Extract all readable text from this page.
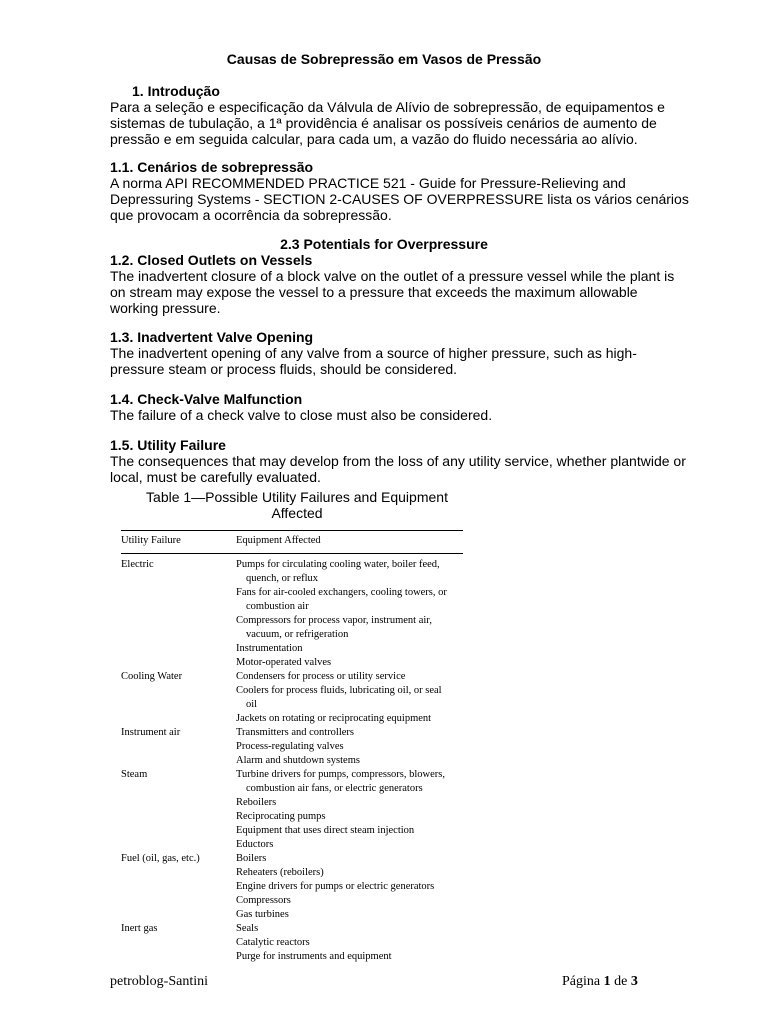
Causas de Sobrepressão em Vasos de Pressão
1. Introdução
Para a seleção e especificação da Válvula de Alívio de sobrepressão, de equipamentos e
sistemas de tubulação, a 1ª providência é analisar os possíveis cenários de aumento de
pressão e em seguida calcular, para cada um, a vazão do fluido necessária ao alívio.
1.1. Cenários de sobrepressão
A norma API RECOMMENDED PRACTICE 521 - Guide for Pressure-Relieving and
Depressuring Systems - SECTION 2-CAUSES OF OVERPRESSURE lista os vários cenários
que provocam a ocorrência da sobrepressão.
2.3 Potentials for Overpressure
1.2. Closed Outlets on Vessels
The inadvertent closure of a block valve on the outlet of a pressure vessel while the plant is
on stream may expose the vessel to a pressure that exceeds the maximum allowable
working pressure.
1.3. Inadvertent Valve Opening
The inadvertent opening of any valve from a source of higher pressure, such as high-
pressure steam or process fluids, should be considered.
1.4. Check-Valve Malfunction
The failure of a check valve to close must also be considered.
1.5. Utility Failure
The consequences that may develop from the loss of any utility service, whether plantwide or
local, must be carefully evaluated.
Table 1—Possible Utility Failures and Equipment
Affected
Utility Failure	Equipment Affected
Electric	Pumps for circulating cooling water, boiler feed,
quench, or reflux
Fans for air-cooled exchangers, cooling towers, or
combustion air
Compressors for process vapor, instrument air,
vacuum, or refrigeration
Instrumentation
Motor-operated valves
Cooling Water	Condensers for process or utility service
Coolers for process fluids, lubricating oil, or seal
oil
Jackets on rotating or reciprocating equipment
Instrument air	Transmitters and controllers
Process-regulating valves
Alarm and shutdown systems
Steam	Turbine drivers for pumps, compressors, blowers,
combustion air fans, or electric generators
Reboilers
Reciprocating pumps
Equipment that uses direct steam injection
Eductors
Fuel (oil, gas, etc.)	Boilers
Reheaters (reboilers)
Engine drivers for pumps or electric generators
Compressors
Gas turbines
Inert gas	Seals
Catalytic reactors
Purge for instruments and equipment
petroblog-Santini	Página 1 de 3
